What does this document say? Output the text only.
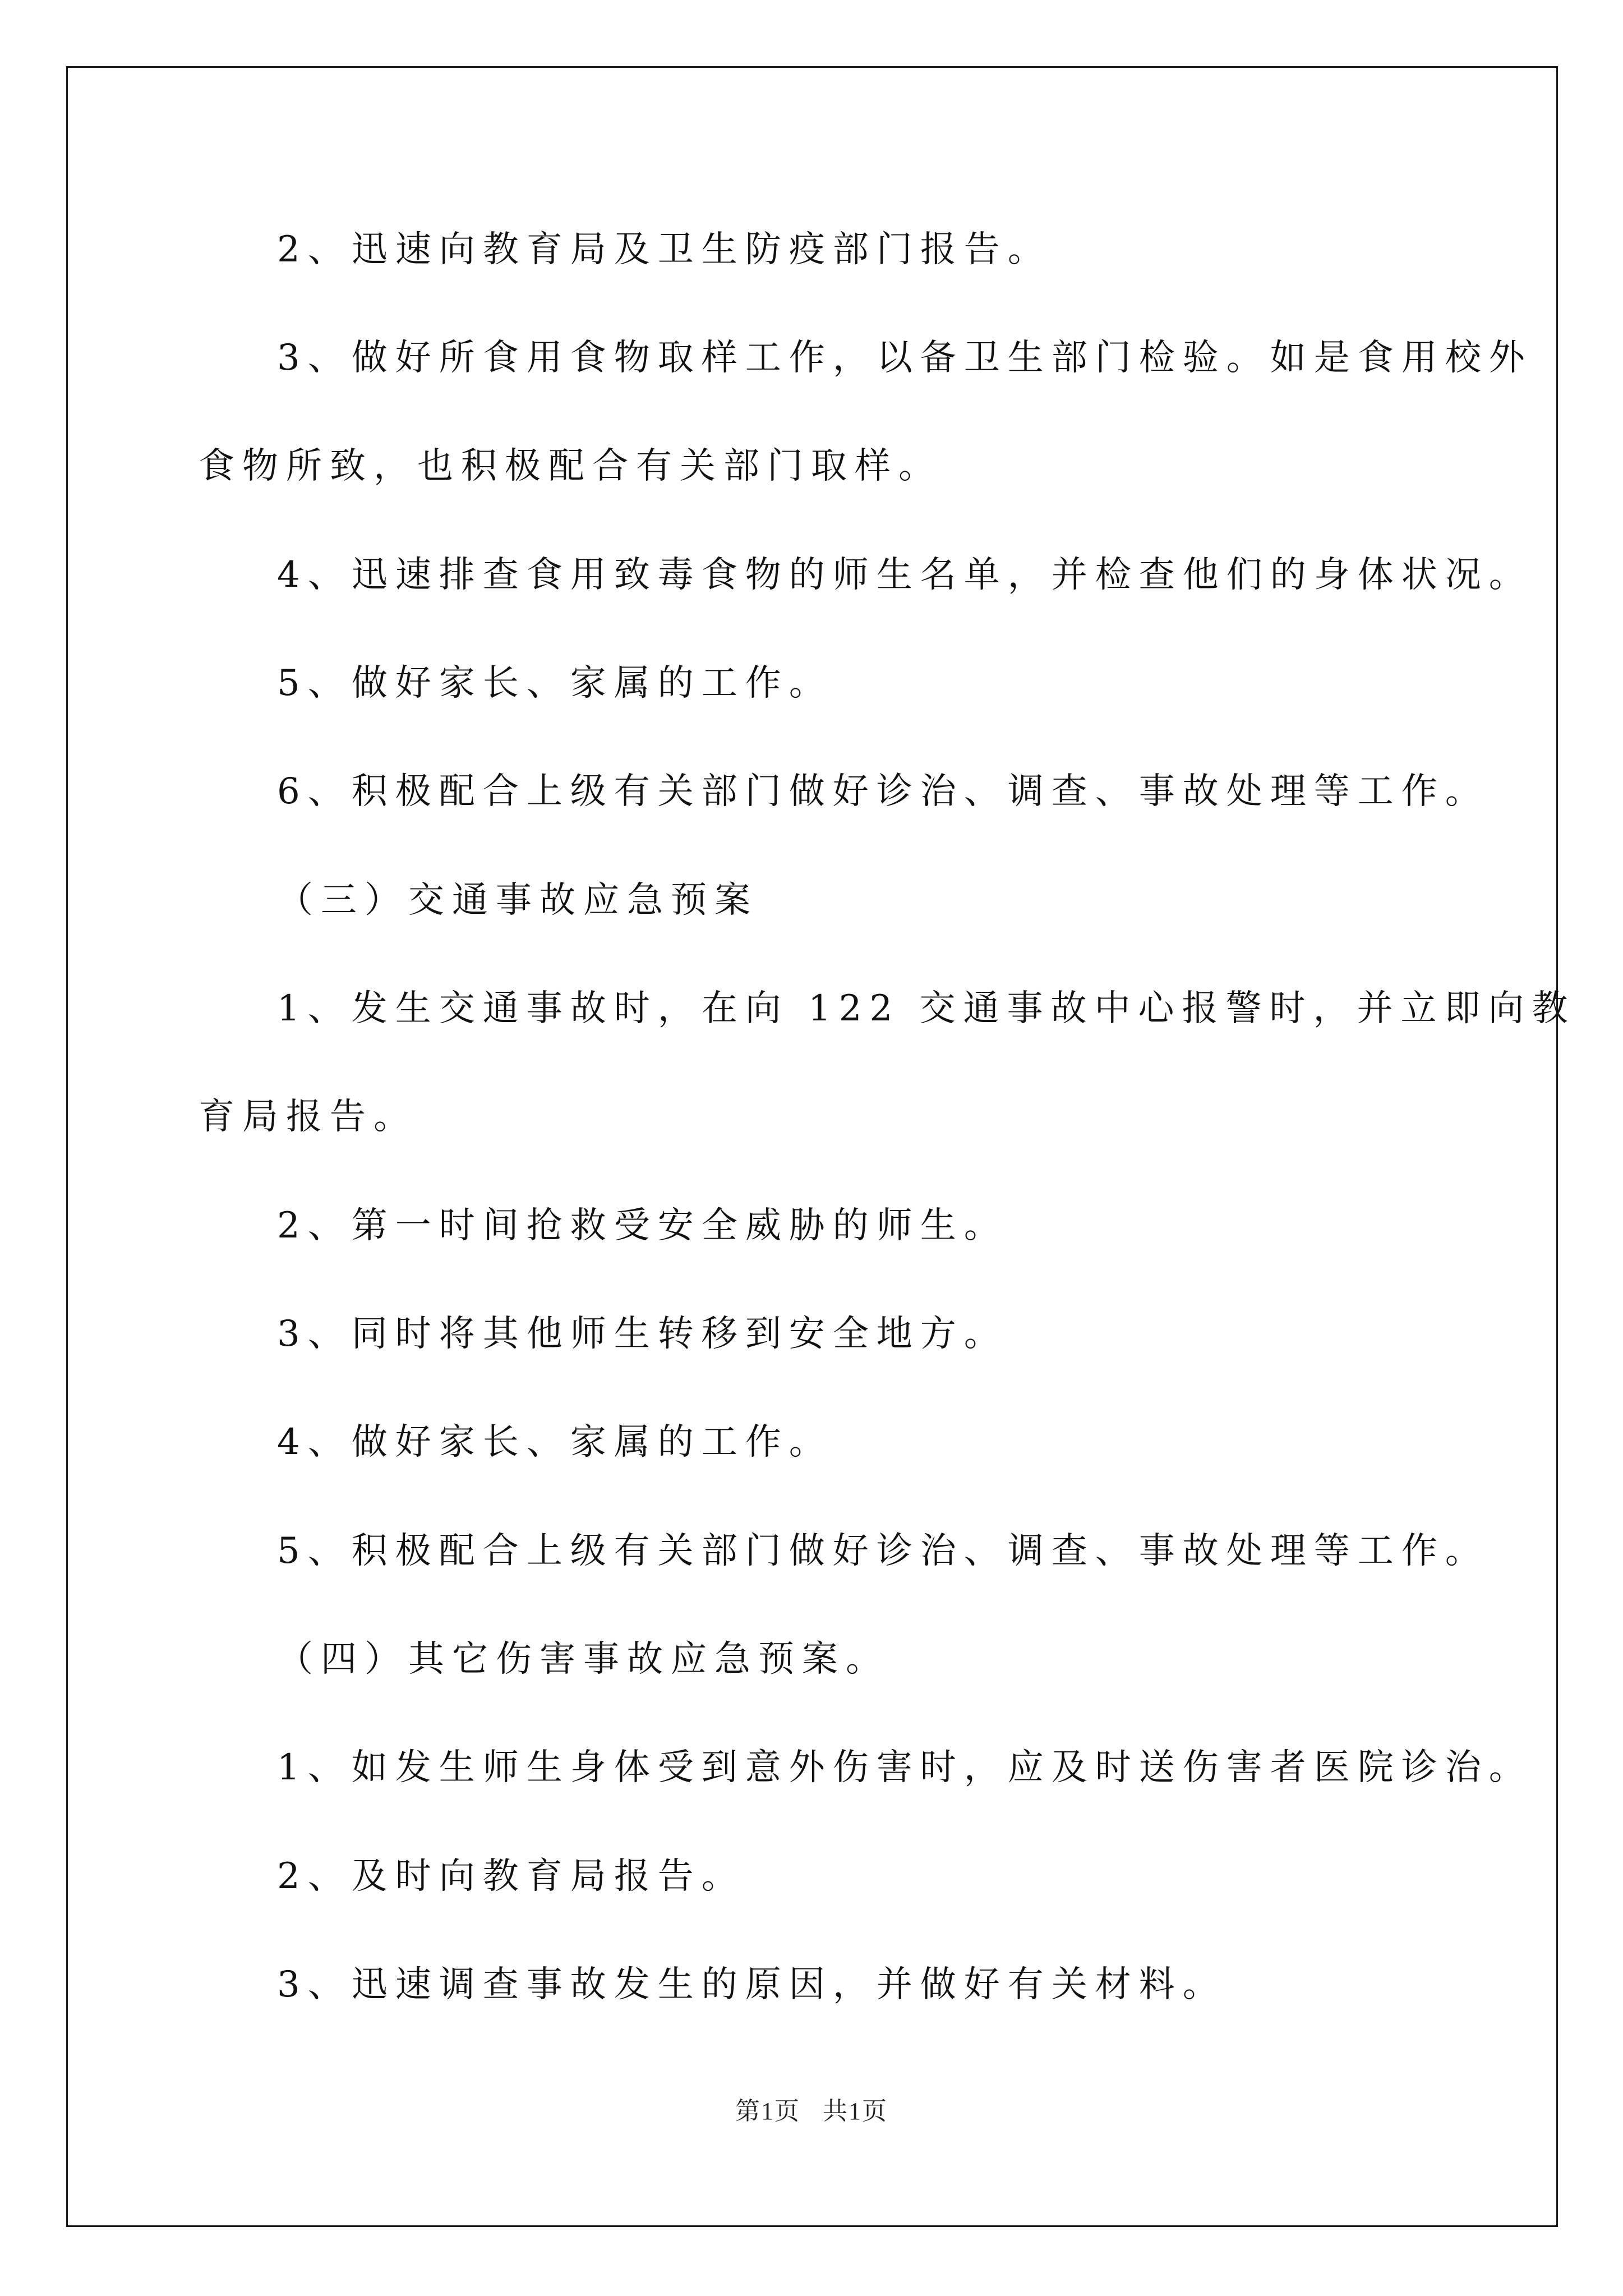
2、迅速向教育局及卫生防疫部门报告。
3、做好所食用食物取样工作，以备卫生部门检验。如是食用校外
食物所致，也积极配合有关部门取样。
4、迅速排查食用致毒食物的师生名单，并检查他们的身体状况。
5、做好家长、家属的工作。
6、积极配合上级有关部门做好诊治、调查、事故处理等工作。
（三）交通事故应急预案
1、发生交通事故时，在向 122 交通事故中心报警时，并立即向教
育局报告。
2、第一时间抢救受安全威胁的师生。
3、同时将其他师生转移到安全地方。
4、做好家长、家属的工作。
5、积极配合上级有关部门做好诊治、调查、事故处理等工作。
（四）其它伤害事故应急预案。
1、如发生师生身体受到意外伤害时，应及时送伤害者医院诊治。
2、及时向教育局报告。
3、迅速调查事故发生的原因，并做好有关材料。
第1页 共1页
